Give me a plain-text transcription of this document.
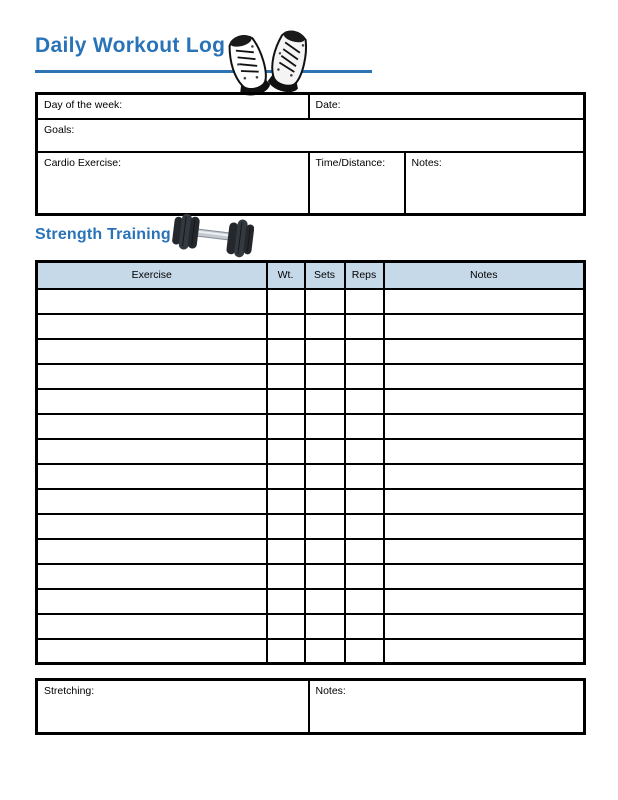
Daily Workout Log
Day of the week:	Date:	

Goals:		

Cardio Exercise:	Time/Distance:	Notes:
Strength Training
Exercise	Wt.	Sets	Reps	Notes

Stretching:	Notes:
